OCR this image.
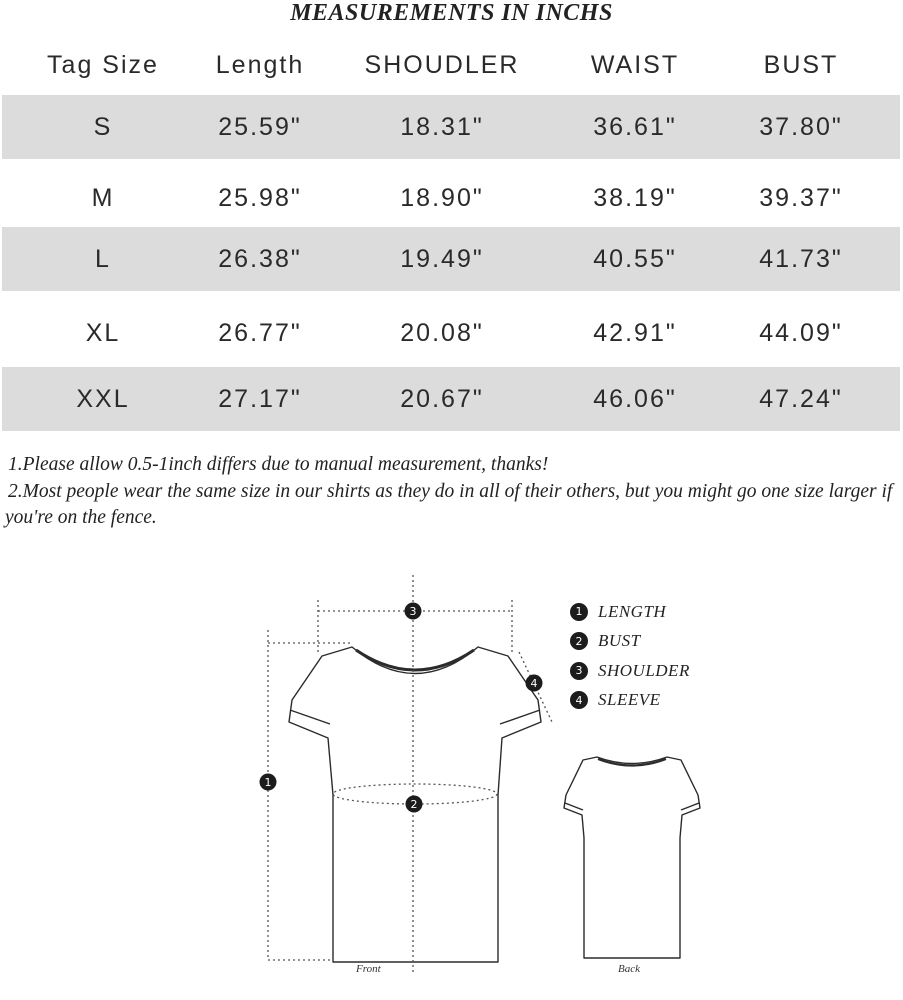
MEASUREMENTS IN INCHS
Tag Size	Length	SHOUDLER	WAIST	BUST
S	25.59"	18.31"	36.61"	37.80"
M	25.98"	18.90"	38.19"	39.37"
L	26.38"	19.49"	40.55"	41.73"
XL	26.77"	20.08"	42.91"	44.09"
XXL	27.17"	20.67"	46.06"	47.24"

1.Please allow 0.5-1inch differs due to manual measurement, thanks!

2.Most people wear the same size in our shirts as they do in all of their others, but you might go one size larger if you're on the fence.

1
2
3
4
1 LENGTH
2 BUST
3 SHOULDER
4 SLEEVE
Front	Back
